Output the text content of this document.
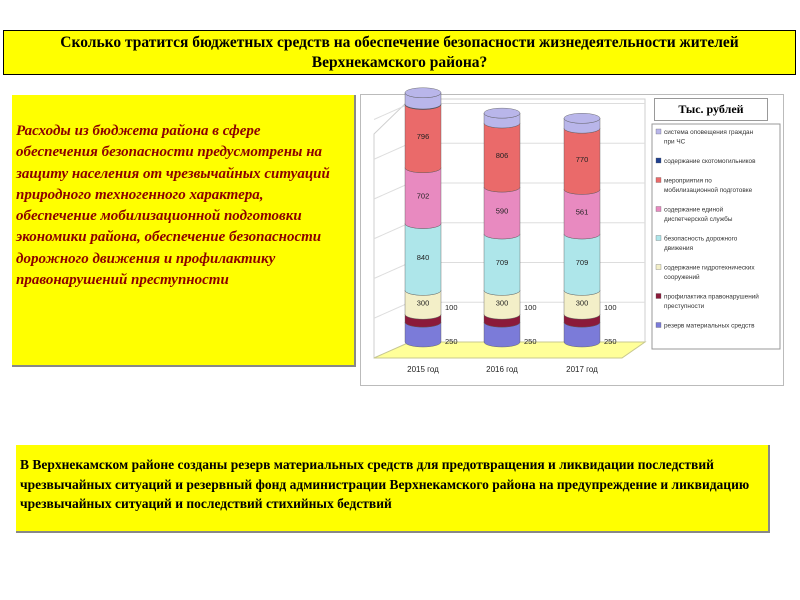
Сколько тратится бюджетных средств на обеспечение безопасности жизнедеятельности жителей Верхнекамского района?
Расходы из бюджета района в сфере обеспечения безопасности предусмотрены на защиту населения от чрезвычайных ситуаций природного техногенного характера, обеспечение мобилизационной подготовки экономики района, обеспечение безопасности дорожного движения и профилактику правонарушений преступности
250
100
300
840
702
796
250
100
300
709
590
806
250
100
300
709
561
770
2015 год	2016 год	2017 год
система оповещения граждан при ЧС
содержание скотомогильников
мероприятия по мобилизационной подготовке
содержание единой диспетчерской службы
безопасность дорожного движения
содержание гидротехнических сооружений
профилактика правонарушений преступности
резерв материальных средств
Тыс. рублей
В Верхнекамском районе созданы резерв материальных средств для предотвращения и ликвидации последствий чрезвычайных ситуаций и резервный фонд администрации Верхнекамского района на предупреждение и ликвидацию чрезвычайных ситуаций и последствий стихийных бедствий
